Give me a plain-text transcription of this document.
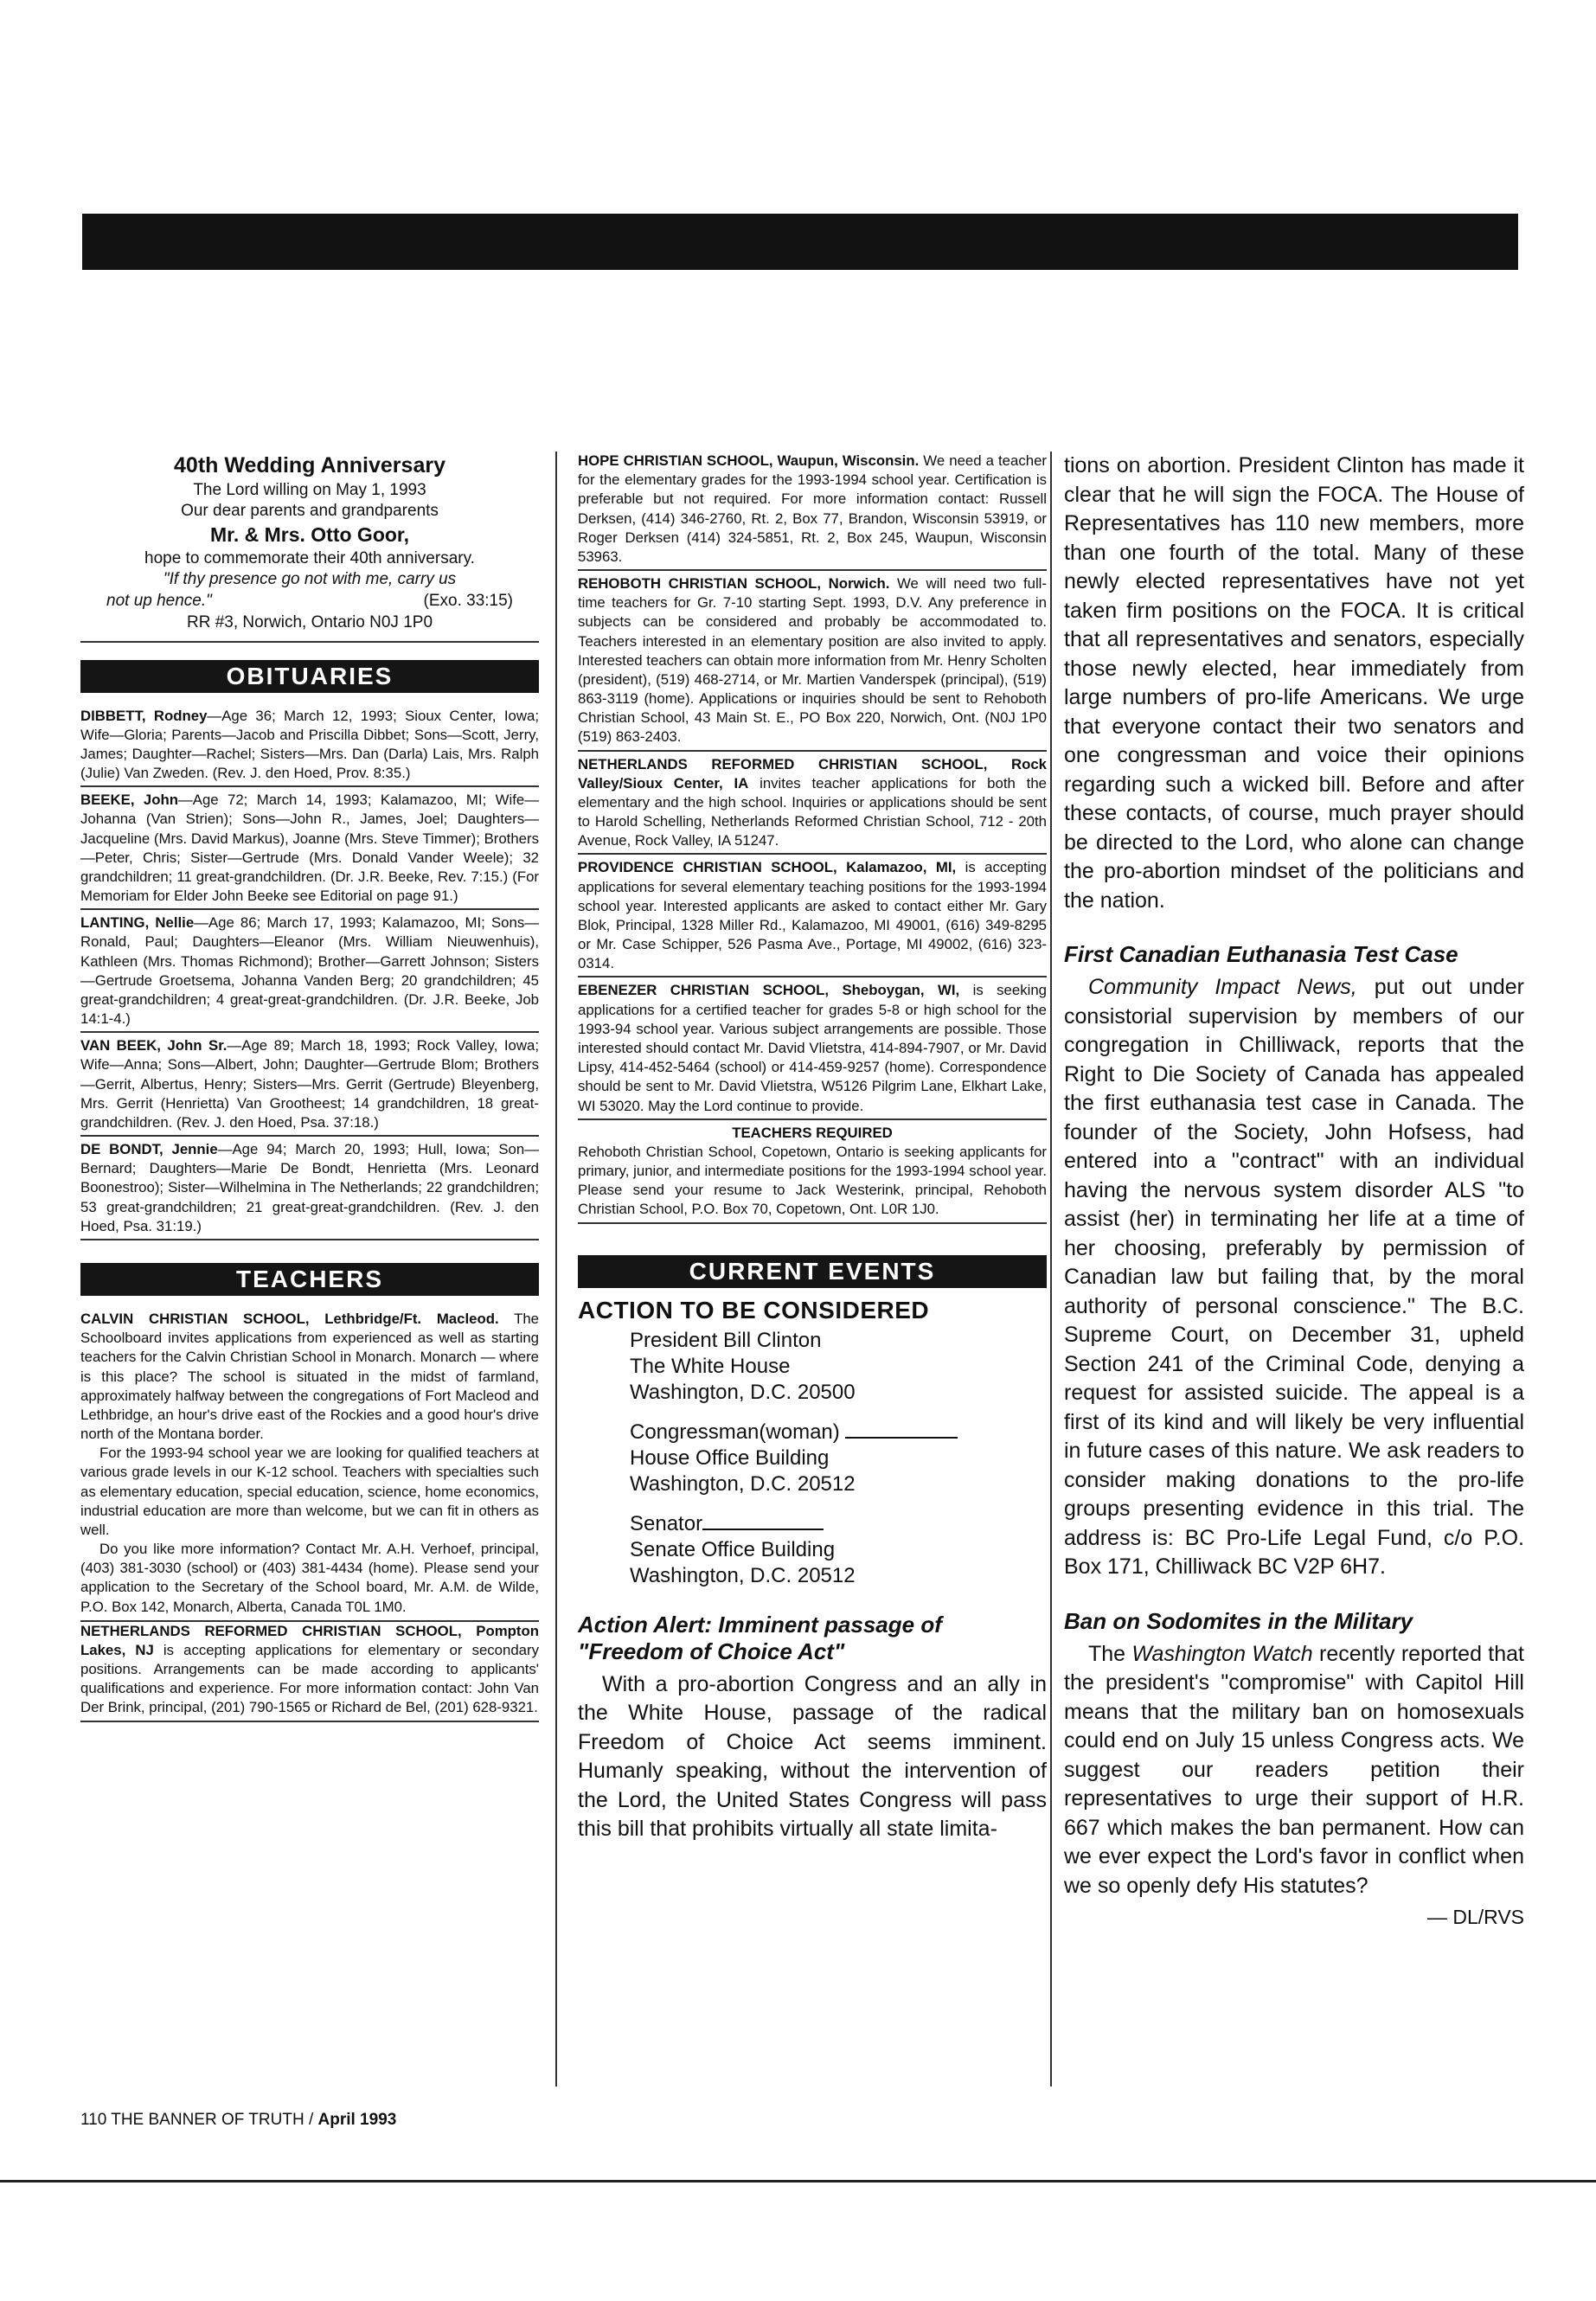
40th Wedding Anniversary
The Lord willing on May 1, 1993
Our dear parents and grandparents
Mr. & Mrs. Otto Goor,
hope to commemorate their 40th anniversary.
"If thy presence go not with me, carry us
not up hence."	(Exo. 33:15)
RR #3, Norwich, Ontario N0J 1P0
OBITUARIES
DIBBETT, Rodney—Age 36; March 12, 1993; Sioux Center, Iowa; Wife—Gloria; Parents—Jacob and Priscilla Dibbet; Sons—Scott, Jerry, James; Daughter—Rachel; Sisters—Mrs. Dan (Darla) Lais, Mrs. Ralph (Julie) Van Zweden. (Rev. J. den Hoed, Prov. 8:35.)
BEEKE, John—Age 72; March 14, 1993; Kalamazoo, MI; Wife—Johanna (Van Strien); Sons—John R., James, Joel; Daughters—Jacqueline (Mrs. David Markus), Joanne (Mrs. Steve Timmer); Brothers—Peter, Chris; Sister—Gertrude (Mrs. Donald Vander Weele); 32 grandchildren; 11 great-grandchildren. (Dr. J.R. Beeke, Rev. 7:15.) (For Memoriam for Elder John Beeke see Editorial on page 91.)
LANTING, Nellie—Age 86; March 17, 1993; Kalamazoo, MI; Sons—Ronald, Paul; Daughters—Eleanor (Mrs. William Nieuwenhuis), Kathleen (Mrs. Thomas Richmond); Brother—Garrett Johnson; Sisters—Gertrude Groetsema, Johanna Vanden Berg; 20 grandchildren; 45 great-grandchildren; 4 great-great-grandchildren. (Dr. J.R. Beeke, Job 14:1-4.)
VAN BEEK, John Sr.—Age 89; March 18, 1993; Rock Valley, Iowa; Wife—Anna; Sons—Albert, John; Daughter—Gertrude Blom; Brothers—Gerrit, Albertus, Henry; Sisters—Mrs. Gerrit (Gertrude) Bleyenberg, Mrs. Gerrit (Henrietta) Van Grootheest; 14 grandchildren, 18 great-grandchildren. (Rev. J. den Hoed, Psa. 37:18.)
DE BONDT, Jennie—Age 94; March 20, 1993; Hull, Iowa; Son—Bernard; Daughters—Marie De Bondt, Henrietta (Mrs. Leonard Boonestroo); Sister—Wilhelmina in The Netherlands; 22 grandchildren; 53 great-grandchildren; 21 great-great-grandchildren. (Rev. J. den Hoed, Psa. 31:19.)
TEACHERS

CALVIN CHRISTIAN SCHOOL, Lethbridge/Ft. Macleod. The Schoolboard invites applications from experienced as well as starting teachers for the Calvin Christian School in Monarch. Monarch — where is this place? The school is situated in the midst of farmland, approximately halfway between the congregations of Fort Macleod and Lethbridge, an hour's drive east of the Rockies and a good hour's drive north of the Montana border.

For the 1993-94 school year we are looking for qualified teachers at various grade levels in our K-12 school. Teachers with specialties such as elementary education, special education, science, home economics, industrial education are more than welcome, but we can fit in others as well.

Do you like more information? Contact Mr. A.H. Verhoef, principal, (403) 381-3030 (school) or (403) 381-4434 (home). Please send your application to the Secretary of the School board, Mr. A.M. de Wilde, P.O. Box 142, Monarch, Alberta, Canada T0L 1M0.

NETHERLANDS REFORMED CHRISTIAN SCHOOL, Pompton Lakes, NJ is accepting applications for elementary or secondary positions. Arrangements can be made according to applicants' qualifications and experience. For more information contact: John Van Der Brink, principal, (201) 790-1565 or Richard de Bel, (201) 628-9321.
HOPE CHRISTIAN SCHOOL, Waupun, Wisconsin. We need a teacher for the elementary grades for the 1993-1994 school year. Certification is preferable but not required. For more information contact: Russell Derksen, (414) 346-2760, Rt. 2, Box 77, Brandon, Wisconsin 53919, or Roger Derksen (414) 324-5851, Rt. 2, Box 245, Waupun, Wisconsin 53963.
REHOBOTH CHRISTIAN SCHOOL, Norwich. We will need two full-time teachers for Gr. 7-10 starting Sept. 1993, D.V. Any preference in subjects can be considered and probably be accommodated to. Teachers interested in an elementary position are also invited to apply. Interested teachers can obtain more information from Mr. Henry Scholten (president), (519) 468-2714, or Mr. Martien Vanderspek (principal), (519) 863-3119 (home). Applications or inquiries should be sent to Rehoboth Christian School, 43 Main St. E., PO Box 220, Norwich, Ont. (N0J 1P0 (519) 863-2403.
NETHERLANDS REFORMED CHRISTIAN SCHOOL, Rock Valley/Sioux Center, IA invites teacher applications for both the elementary and the high school. Inquiries or applications should be sent to Harold Schelling, Netherlands Reformed Christian School, 712 - 20th Avenue, Rock Valley, IA 51247.
PROVIDENCE CHRISTIAN SCHOOL, Kalamazoo, MI, is accepting applications for several elementary teaching positions for the 1993-1994 school year. Interested applicants are asked to contact either Mr. Gary Blok, Principal, 1328 Miller Rd., Kalamazoo, MI 49001, (616) 349-8295 or Mr. Case Schipper, 526 Pasma Ave., Portage, MI 49002, (616) 323-0314.
EBENEZER CHRISTIAN SCHOOL, Sheboygan, WI, is seeking applications for a certified teacher for grades 5-8 or high school for the 1993-94 school year. Various subject arrangements are possible. Those interested should contact Mr. David Vlietstra, 414-894-7907, or Mr. David Lipsy, 414-452-5464 (school) or 414-459-9257 (home). Correspondence should be sent to Mr. David Vlietstra, W5126 Pilgrim Lane, Elkhart Lake, WI 53020. May the Lord continue to provide.
TEACHERS REQUIRED
Rehoboth Christian School, Copetown, Ontario is seeking applicants for primary, junior, and intermediate positions for the 1993-1994 school year. Please send your resume to Jack Westerink, principal, Rehoboth Christian School, P.O. Box 70, Copetown, Ont. L0R 1J0.
CURRENT EVENTS
ACTION TO BE CONSIDERED
President Bill Clinton
The White House
Washington, D.C. 20500
Congressman(woman)
House Office Building
Washington, D.C. 20512
Senator
Senate Office Building
Washington, D.C. 20512
Action Alert: Imminent passage of "Freedom of Choice Act"

With a pro-abortion Congress and an ally in the White House, passage of the radical Freedom of Choice Act seems imminent. Humanly speaking, without the intervention of the Lord, the United States Congress will pass this bill that prohibits virtually all state limita-

tions on abortion. President Clinton has made it clear that he will sign the FOCA. The House of Representatives has 110 new members, more than one fourth of the total. Many of these newly elected representatives have not yet taken firm positions on the FOCA. It is critical that all representatives and senators, especially those newly elected, hear immediately from large numbers of pro-life Americans. We urge that everyone contact their two senators and one congressman and voice their opinions regarding such a wicked bill. Before and after these contacts, of course, much prayer should be directed to the Lord, who alone can change the pro-abortion mindset of the politicians and the nation.

First Canadian Euthanasia Test Case

Community Impact News, put out under consistorial supervision by members of our congregation in Chilliwack, reports that the Right to Die Society of Canada has appealed the first euthanasia test case in Canada. The founder of the Society, John Hofsess, had entered into a "contract" with an individual having the nervous system disorder ALS "to assist (her) in terminating her life at a time of her choosing, preferably by permission of Canadian law but failing that, by the moral authority of personal conscience." The B.C. Supreme Court, on December 31, upheld Section 241 of the Criminal Code, denying a request for assisted suicide. The appeal is a first of its kind and will likely be very influential in future cases of this nature. We ask readers to consider making donations to the pro-life groups presenting evidence in this trial. The address is: BC Pro-Life Legal Fund, c/o P.O. Box 171, Chilliwack BC V2P 6H7.

Ban on Sodomites in the Military

The Washington Watch recently reported that the president's "compromise" with Capitol Hill means that the military ban on homosexuals could end on July 15 unless Congress acts. We suggest our readers petition their representatives to urge their support of H.R. 667 which makes the ban permanent. How can we ever expect the Lord's favor in conflict when we so openly defy His statutes?

— DL/RVS
110 THE BANNER OF TRUTH / April 1993
